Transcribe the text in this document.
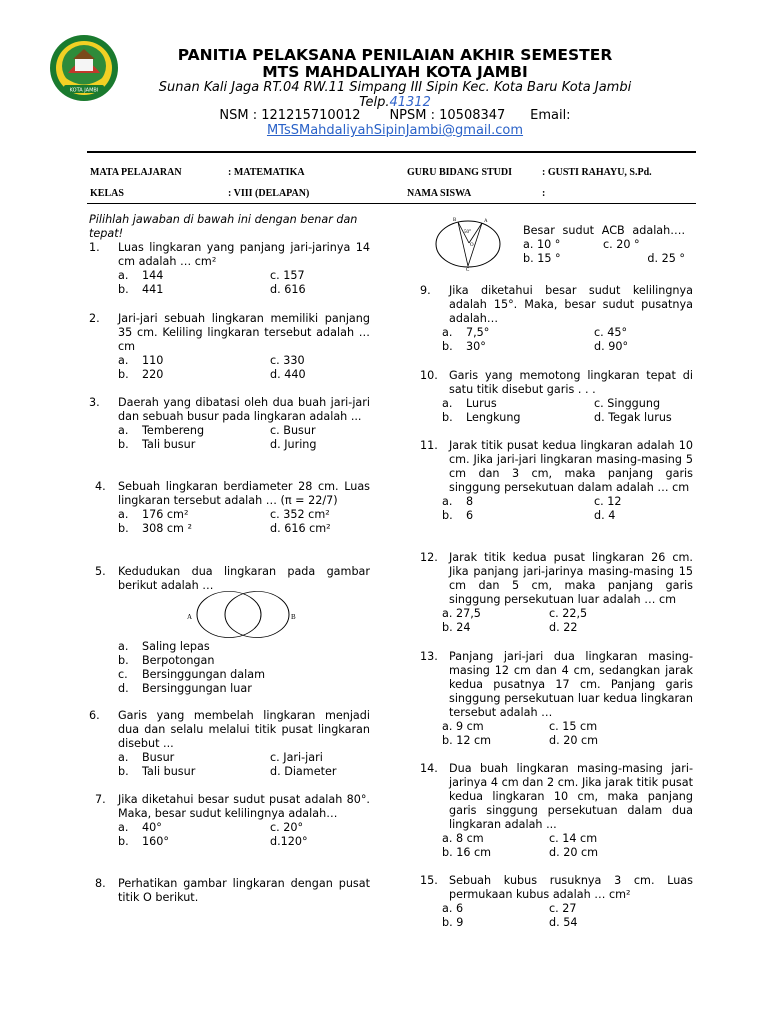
KOTA JAMBI
PANITIA PELAKSANA PENILAIAN AKHIR SEMESTER
MTS MAHDALIYAH KOTA JAMBI
Sunan Kali Jaga RT.04 RW.11 Simpang III Sipin Kec. Kota Baru Kota Jambi
Telp.41312
NSM : 121215710012 NPSM : 10508347 Email:
MTsSMahdaliyahSipinJambi@gmail.com
MATA PELAJARAN	: MATEMATIKA	GURU BIDANG STUDI	: GUSTI RAHAYU, S.Pd.
KELAS	: VIII (DELAPAN)	NAMA SISWA	:
Pilihlah jawaban di bawah ini dengan benar dan tepat!
1.	Luas lingkaran yang panjang jari-jarinya 14 cm adalah … cm²
a.	144	c. 157
b.	441	d. 616
2.	Jari-jari sebuah lingkaran memiliki panjang 35 cm. Keliling lingkaran tersebut adalah … cm
a.	110	c. 330
b.	220	d. 440
3.	Daerah yang dibatasi oleh dua buah jari-jari dan sebuah busur pada lingkaran adalah ...
a.	Tembereng	c. Busur
b.	Tali busur	d. Juring
4.	Sebuah lingkaran berdiameter 28 cm. Luas lingkaran tersebut adalah … (π = 22/7)
a.	176 cm²	c. 352 cm²
b.	308 cm ²	d. 616 cm²
5.	Kedudukan dua lingkaran pada gambar berikut adalah …
A	B
a.	Saling lepas
b.	Berpotongan
c.	Bersinggungan dalam
d.	Bersinggungan luar
6.	Garis yang membelah lingkaran menjadi dua dan selalu melalui titik pusat lingkaran disebut ...
a.	Busur	c. Jari-jari
b.	Tali busur	d. Diameter
7.	Jika diketahui besar sudut pusat adalah 80°. Maka, besar sudut kelilingnya adalah…
a.	40°	c. 20°
b.	160°	d.120°
8.	Perhatikan gambar lingkaran dengan pusat titik O berikut.
B	A
50°
O
C
Besar sudut ACB adalah….
a. 10 °	c. 20 °
b. 15 °	d. 25 °
9.	Jika diketahui besar sudut kelilingnya adalah 15°. Maka, besar sudut pusatnya adalah…
a.	7,5°	c. 45°
b.	30°	d. 90°
10.	Garis yang memotong lingkaran tepat di satu titik disebut garis . . .
a.	Lurus	c. Singgung
b.	Lengkung	d. Tegak lurus
11.	Jarak titik pusat kedua lingkaran adalah 10 cm. Jika jari-jari lingkaran masing-masing 5 cm dan 3 cm, maka panjang garis singgung persekutuan dalam adalah … cm
a.	8	c. 12
b.	6	d. 4
12.	Jarak titik kedua pusat lingkaran 26 cm. Jika panjang jari-jarinya masing-masing 15 cm dan 5 cm, maka panjang garis singgung persekutuan luar adalah … cm
a. 27,5	c. 22,5
b. 24	d. 22
13.	Panjang jari-jari dua lingkaran masing-masing 12 cm dan 4 cm, sedangkan jarak kedua pusatnya 17 cm. Panjang garis singgung persekutuan luar kedua lingkaran tersebut adalah …
a. 9 cm	c. 15 cm
b. 12 cm	d. 20 cm
14.	Dua buah lingkaran masing-masing jari-jarinya 4 cm dan 2 cm. Jika jarak titik pusat kedua lingkaran 10 cm, maka panjang garis singgung persekutuan dalam dua lingkaran adalah ...
a. 8 cm	c. 14 cm
b. 16 cm	d. 20 cm
15.	Sebuah kubus rusuknya 3 cm. Luas permukaan kubus adalah … cm²
a. 6	c. 27
b. 9	d. 54
